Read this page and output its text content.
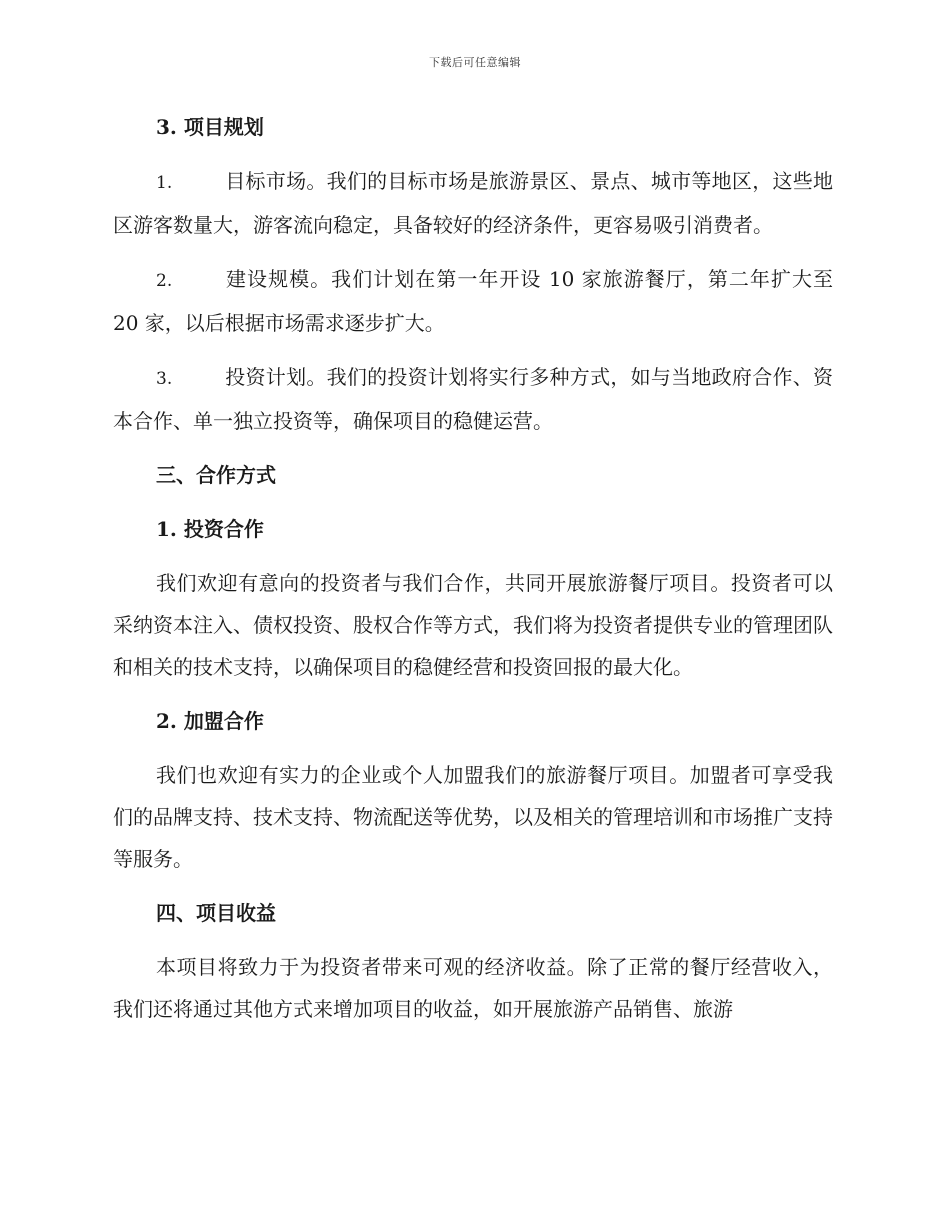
下载后可任意编辑

3. 项目规划

1.	目标市场。我们的目标市场是旅游景区、景点、城市等地区，这些地区游客数量大，游客流向稳定，具备较好的经济条件，更容易吸引消费者。

2.	建设规模。我们计划在第一年开设 10 家旅游餐厅，第二年扩大至 20 家，以后根据市场需求逐步扩大。

3.	投资计划。我们的投资计划将实行多种方式，如与当地政府合作、资本合作、单一独立投资等，确保项目的稳健运营。

三、合作方式

1. 投资合作

我们欢迎有意向的投资者与我们合作，共同开展旅游餐厅项目。投资者可以采纳资本注入、债权投资、股权合作等方式，我们将为投资者提供专业的管理团队和相关的技术支持，以确保项目的稳健经营和投资回报的最大化。

2. 加盟合作

我们也欢迎有实力的企业或个人加盟我们的旅游餐厅项目。加盟者可享受我们的品牌支持、技术支持、物流配送等优势，以及相关的管理培训和市场推广支持等服务。

四、项目收益

本项目将致力于为投资者带来可观的经济收益。除了正常的餐厅经营收入，我们还将通过其他方式来增加项目的收益，如开展旅游产品销售、旅游
